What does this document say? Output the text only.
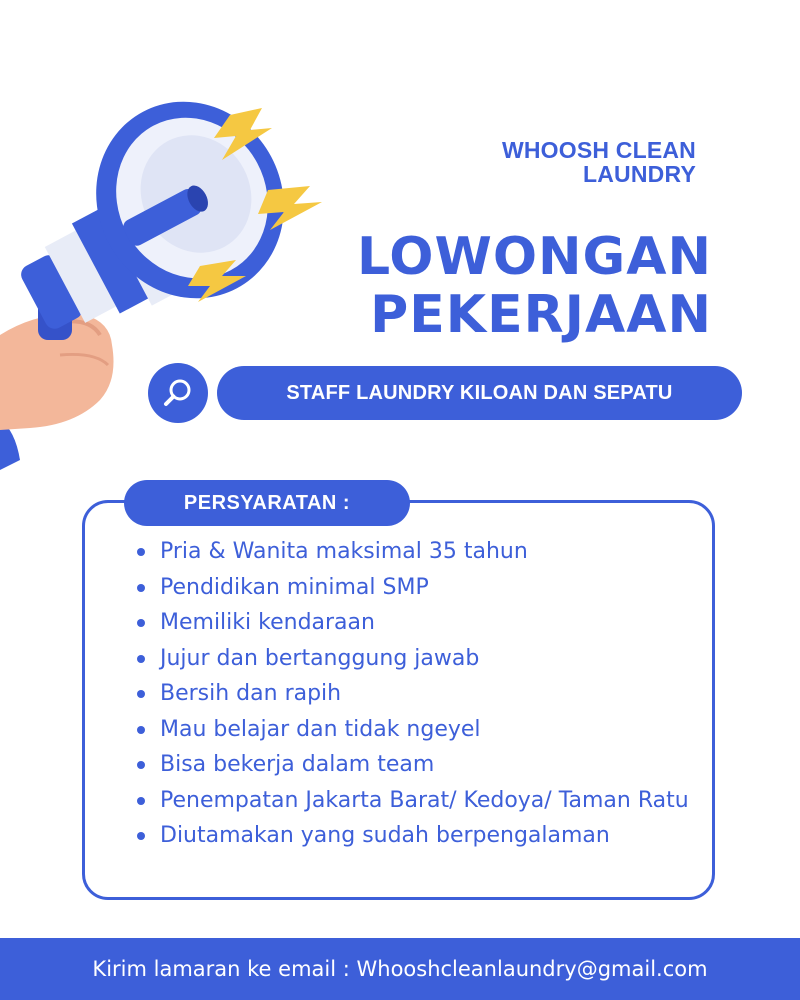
WHOOSH CLEAN
LAUNDRY
LOWONGAN
PEKERJAAN
STAFF LAUNDRY KILOAN DAN SEPATU
PERSYARATAN :
Pria & Wanita maksimal 35 tahun
Pendidikan minimal SMP
Memiliki kendaraan
Jujur dan bertanggung jawab
Bersih dan rapih
Mau belajar dan tidak ngeyel
Bisa bekerja dalam team
Penempatan Jakarta Barat/ Kedoya/ Taman Ratu
Diutamakan yang sudah berpengalaman
Kirim lamaran ke email : Whooshcleanlaundry@gmail.com
